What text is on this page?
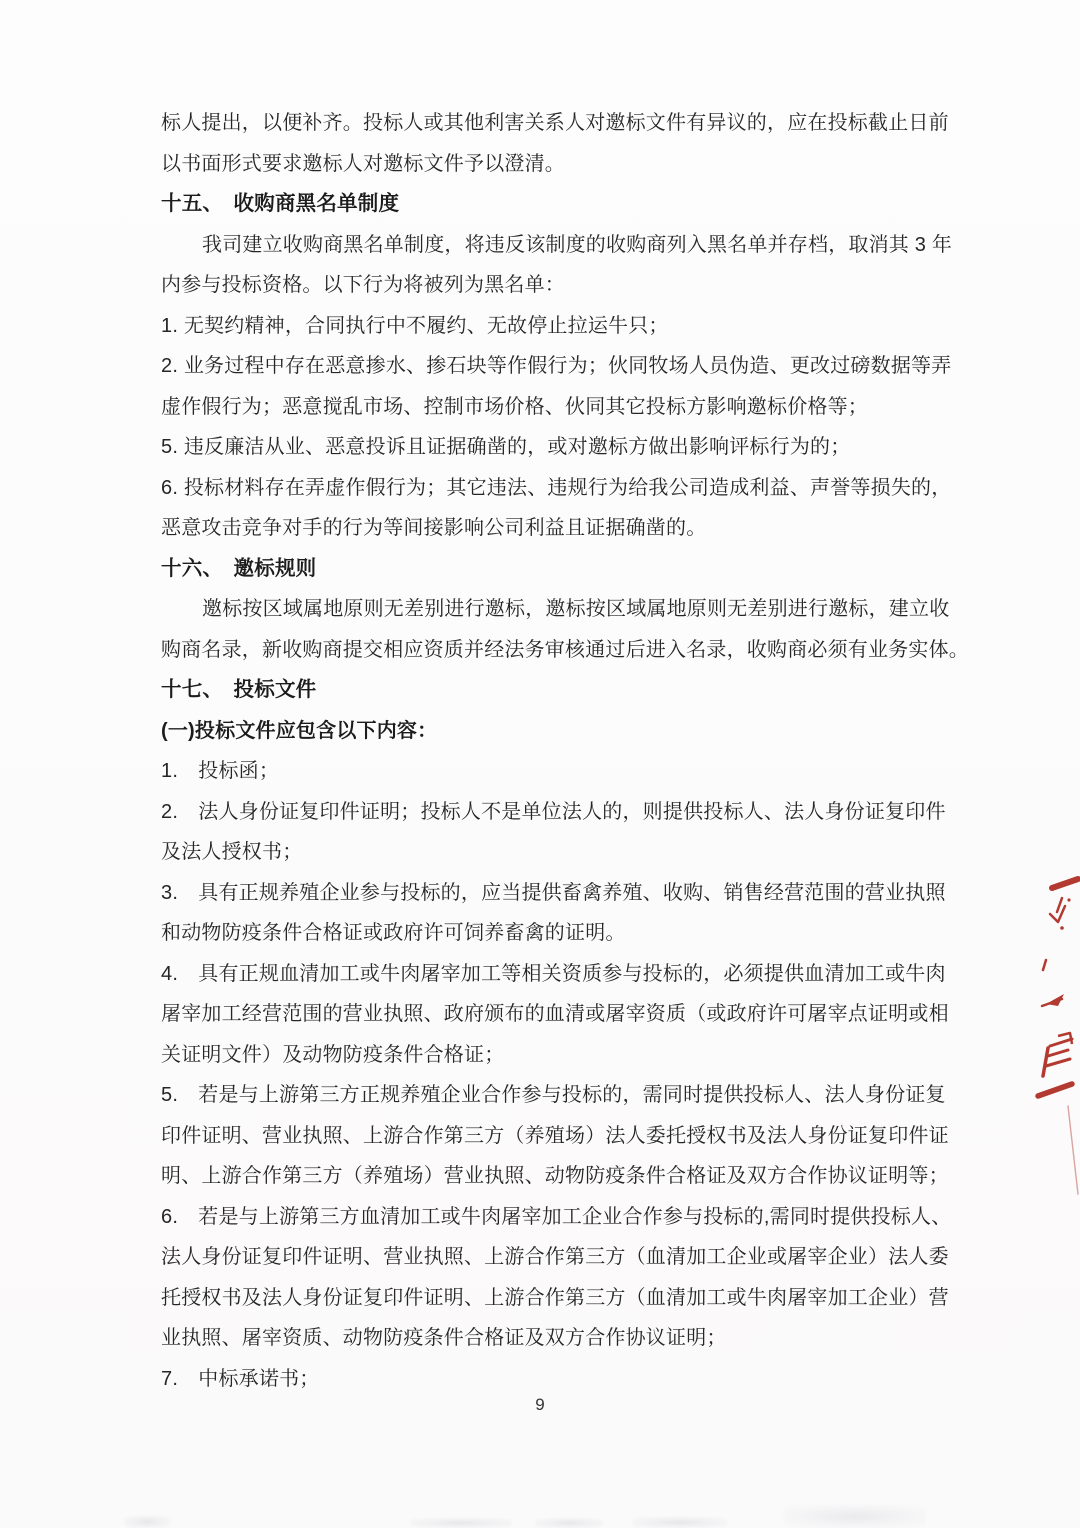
标人提出，以便补齐。投标人或其他利害关系人对邀标文件有异议的，应在投标截止日前
以书面形式要求邀标人对邀标文件予以澄清。
十五、　收购商黑名单制度
我司建立收购商黑名单制度，将违反该制度的收购商列入黑名单并存档，取消其 3 年
内参与投标资格。以下行为将被列为黑名单：
1. 无契约精神，合同执行中不履约、无故停止拉运牛只；
2. 业务过程中存在恶意掺水、掺石块等作假行为；伙同牧场人员伪造、更改过磅数据等弄
虚作假行为；恶意搅乱市场、控制市场价格、伙同其它投标方影响邀标价格等；
5. 违反廉洁从业、恶意投诉且证据确凿的，或对邀标方做出影响评标行为的；
6. 投标材料存在弄虚作假行为；其它违法、违规行为给我公司造成利益、声誉等损失的，
恶意攻击竞争对手的行为等间接影响公司利益且证据确凿的。
十六、　邀标规则
邀标按区域属地原则无差别进行邀标，邀标按区域属地原则无差别进行邀标，建立收
购商名录，新收购商提交相应资质并经法务审核通过后进入名录，收购商必须有业务实体。
十七、　投标文件
(一)投标文件应包含以下内容：
1.　投标函；
2.　法人身份证复印件证明；投标人不是单位法人的，则提供投标人、法人身份证复印件
及法人授权书；
3.　具有正规养殖企业参与投标的，应当提供畜禽养殖、收购、销售经营范围的营业执照
和动物防疫条件合格证或政府许可饲养畜禽的证明。
4.　具有正规血清加工或牛肉屠宰加工等相关资质参与投标的，必须提供血清加工或牛肉
屠宰加工经营范围的营业执照、政府颁布的血清或屠宰资质（或政府许可屠宰点证明或相
关证明文件）及动物防疫条件合格证；
5.　若是与上游第三方正规养殖企业合作参与投标的，需同时提供投标人、法人身份证复
印件证明、营业执照、上游合作第三方（养殖场）法人委托授权书及法人身份证复印件证
明、上游合作第三方（养殖场）营业执照、动物防疫条件合格证及双方合作协议证明等；
6.　若是与上游第三方血清加工或牛肉屠宰加工企业合作参与投标的,需同时提供投标人、
法人身份证复印件证明、营业执照、上游合作第三方（血清加工企业或屠宰企业）法人委
托授权书及法人身份证复印件证明、上游合作第三方（血清加工或牛肉屠宰加工企业）营
业执照、屠宰资质、动物防疫条件合格证及双方合作协议证明；
7.　中标承诺书；
9
